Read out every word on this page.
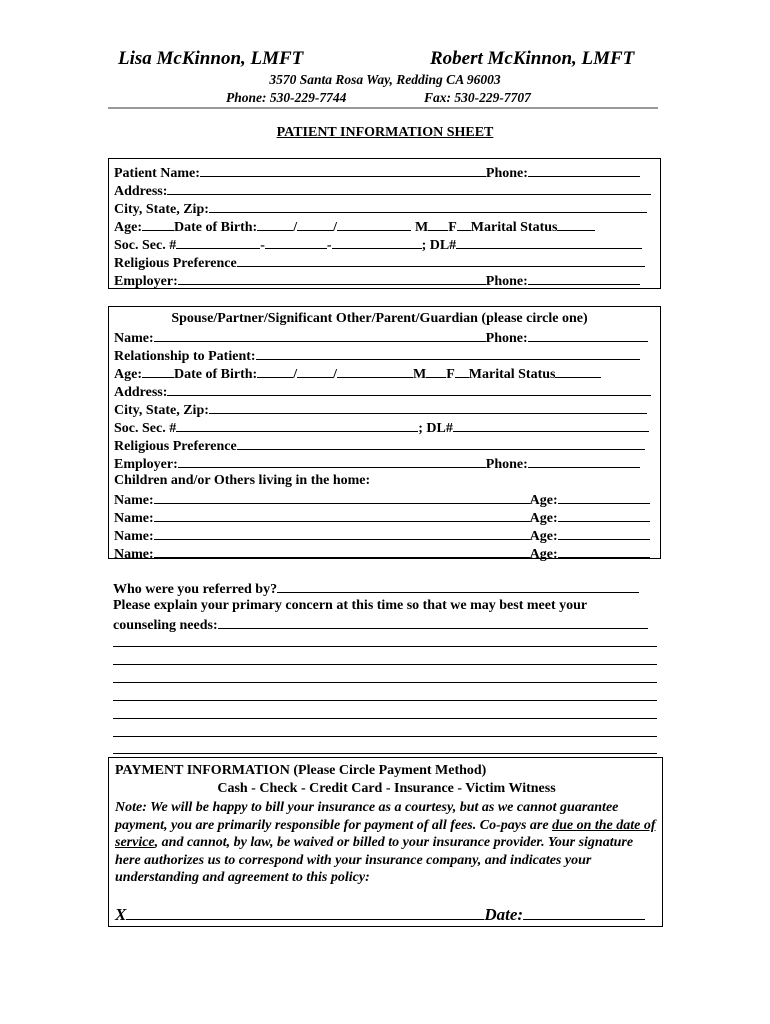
Lisa McKinnon, LMFT	Robert McKinnon, LMFT
3570 Santa Rosa Way, Redding CA 96003
Phone: 530-229-7744	Fax: 530-229-7707
PATIENT INFORMATION SHEET
Patient Name:	Phone:
Address:
City, State, Zip:
Age: Date of Birth:	/	/	M F Marital Status
Soc. Sec. #	-	-	; DL#
Religious Preference
Employer:	Phone:
Spouse/Partner/Significant Other/Parent/Guardian (please circle one)
Name:	Phone:
Relationship to Patient:
Age: Date of Birth:	/	/	M F Marital Status
Address:
City, State, Zip:
Soc. Sec. #	; DL#
Religious Preference
Employer:	Phone:
Children and/or Others living in the home:
Name:	Age:
Name:	Age:
Name:	Age:
Name:	Age:
Who were you referred by?
Please explain your primary concern at this time so that we may best meet your
counseling needs:
PAYMENT INFORMATION (Please Circle Payment Method)
Cash - Check - Credit Card - Insurance - Victim Witness
Note: We will be happy to bill your insurance as a courtesy, but as we cannot guarantee payment, you are primarily responsible for payment of all fees. Co-pays are due on the date of service, and cannot, by law, be waived or billed to your insurance provider. Your signature here authorizes us to correspond with your insurance company, and indicates your understanding and agreement to this policy:
X	Date:
